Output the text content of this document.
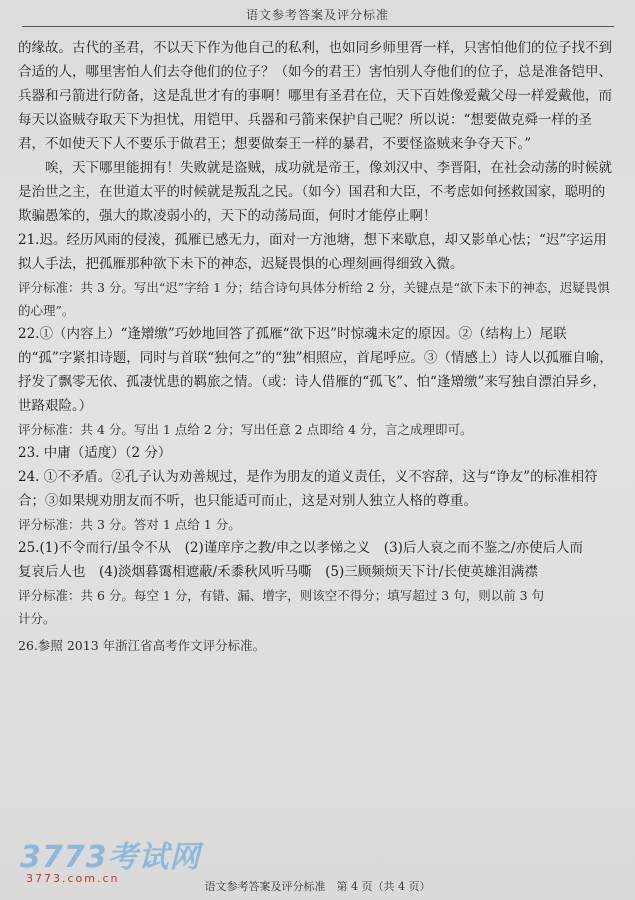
语文参考答案及评分标准

的缘故。古代的圣君，不以天下作为他自己的私利，也如同乡师里胥一样，只害怕他们的位子找不到合适的人，哪里害怕人们去夺他们的位子？（如今的君王）害怕别人夺他们的位子，总是准备铠甲、兵器和弓箭进行防备，这是乱世才有的事啊！哪里有圣君在位，天下百姓像爱戴父母一样爱戴他，而每天以盗贼夺取天下为担忧，用铠甲、兵器和弓箭来保护自己呢？所以说：“想要做克舜一样的圣君，不如使天下人不要乐于做君王；想要做秦王一样的暴君，不要怪盗贼来争夺天下。”

唉，天下哪里能拥有！失败就是盗贼，成功就是帝王，像刘汉中、李晋阳，在社会动荡的时候就是治世之主，在世道太平的时候就是叛乱之民。（如今）国君和大臣，不考虑如何拯救国家，聪明的欺骗愚笨的，强大的欺凌弱小的，天下的动荡局面，何时才能停止啊！

21.迟。经历风雨的侵淩，孤雁已感无力，面对一方池塘，想下来歇息，却又影单心怯；“迟”字运用拟人手法，把孤雁那种欲下未下的神态，迟疑畏惧的心理刻画得细致入微。

评分标准：共 3 分。写出“迟”字给 1 分；结合诗句具体分析给 2 分，关键点是“欲下未下的神态，迟疑畏惧的心理”。

22.①（内容上）“逢矰缴”巧妙地回答了孤雁“欲下迟”时惊魂未定的原因。②（结构上）尾联的“孤”字紧扣诗题，同时与首联“独何之”的“独”相照应，首尾呼应。③（情感上）诗人以孤雁自喻，抒发了飘零无依、孤凄忧患的羁旅之情。（或：诗人借雁的“孤飞”、怕“逢矰缴”来写独自漂泊异乡，世路艰险。）

评分标准：共 4 分。写出 1 点给 2 分；写出任意 2 点即给 4 分，言之成理即可。

23. 中庸（适度）（2 分）

24. ①不矛盾。②孔子认为劝善规过，是作为朋友的道义责任，义不容辞，这与“诤友”的标准相符合；③如果规劝朋友而不听，也只能适可而止，这是对别人独立人格的尊重。

评分标准：共 3 分。答对 1 点给 1 分。

25.(1)不令而行/虽令不从　(2)谨庠序之教/申之以孝悌之义　(3)后人哀之而不鉴之/亦使后人而

复哀后人也　(4)淡烟暮霭相遮蔽/禾黍秋风听马嘶　(5)三顾频烦天下计/长使英雄泪满襟

评分标准：共 6 分。每空 1 分，有错、漏、增字，则该空不得分；填写超过 3 句，则以前 3 句

计分。

26.参照 2013 年浙江省高考作文评分标准。

3773考试网
3773.com.cn
语文参考答案及评分标准　第 4 页（共 4 页）
